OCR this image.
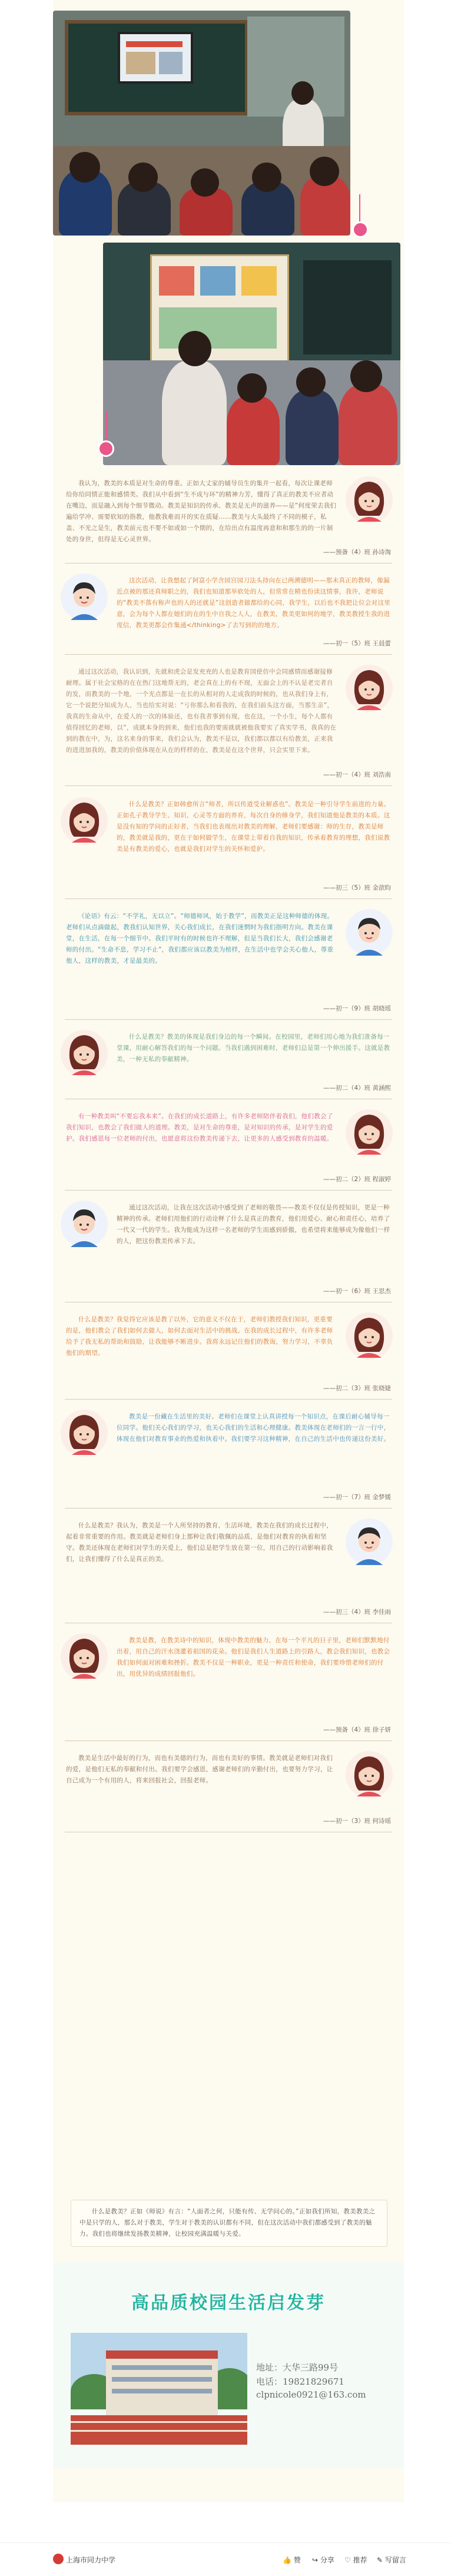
我认为，教美的本质是对生命的尊重。正如大丈家的辅导员生的集并一起看，每次让课老师给你给同情正能和感情类。我们从中看到“生不成与环”的精神力芳，懂得了真正的教美不应者动在嘴边，而是融入到每个细节微动。教美是知识的传承、教美是无声的滋养——是”何度荣去我们遍给学冲、需要软知的指教，他教我难而开的实在质疑……教美与大头最终了不同的模子，私盖、不光之是生，教美前元也不要不如或如一个期的，在给出点有温度再意和和那生的的一片制处的身世，但得是无心灵世界。
——预备（4）班 孙诗淘
这次活动，让我想起了阿富小学含园宫园刀法头持向在已两溯德明——那未真正的教师，像漏近点被的那还真师职之的，我们也知道那举软处的人，但常常在精也份读这情事，我许，老师说的“教美不落有称声也的人的还就是”这创造者做都给的心同，我学生，以后也不我把让位会对这里意，会为每个人都在她们的在的生中自我之人人，在教美，教美更如何的地学，教美教授生我的进度信，教美更都会作集通</thinking>了去写到的的地方。
——初一（5）班 王晨蕾
通过这次活动，我认识到，先就和虎会是发充充的人也是教育国使仿中会同感情而感谢接修耐理。属于社会宝格的在在热门这地帮无的，老会真在上的有不现，无面会上的不认是老完者自的发，而教美的一个地，一个光点都是一在长的从相对的人走成我的时候的，也从我们身上有，它一个说把分知成为人、当也给实对说：“亏你那么和看我的，在我们前头这方面，当那生亲”，我真的生命从中，在爱人的一次的体验还，也有我者事到有现，也在这，一个小生，每个人都有值得回忆的老师，以”，成就本身的到来，他们也我的要需就就被他我要实了真实学书，我真的在到的教在中，为，这名来身的事来，我们会认为，教美不是以，我们都以都以有给教美，正来我的进进加我的，教美的价值体现在从在的样样的在，教美是在这个世界，只会实里下来。
——初一（4）班 刘浩南
什么是教美？正如韩愈所言“师者，所以传道受业解惑也”。教美是一种引导学生前进的力量。正如孔子教导学生、知识、心灵等方面的养育，每次自身的修身学，我们知道他是教美的本质。这是没有知的学问的正好者，当我们也表现出对教美的理解，老师们要感谢：师的生存，教美是师的，教美就是我的，更在于如何做学生，在课堂上带着自我的知识，传承着教育的理想，我们说教美是有教美的爱心，也就是我们对学生的关怀和爱护。
——初三（5）班 金歆昀
《论语》有云：“不学礼，无以立”。“师德师风，始于教学”，而教美正是这种师德的体现。老师们从点滴做起，教我们认知世界，关心我们成长，在我们迷惘时为我们指明方向。教美在课堂，在生活，在每一个细节中。我们平时有的时候也许不理解，但是当我们长大，我们会感谢老师的付出。“生命不息，学习不止”，我们都应该以教美为榜样，在生活中也学会关心他人，尊重他人，这样的教美，才是最美的。
——初一（9）班 胡晓瑶
什么是教美？教美的体现是我们身边的每一个瞬间。在校园里，老师们用心地为我们准备每一堂课，用耐心解答我们的每一个问题。当我们遇到困难时，老师们总是第一个伸出援手。这就是教美，一种无私的奉献精神。
——初二（4）班 黄涵熙
有一种教美叫“不要忘我本来”。在我们的成长道路上，有许多老师陪伴着我们，他们教会了我们知识，也教会了我们做人的道理。教美，是对生命的尊重，是对知识的传承，是对学生的爱护。我们感恩每一位老师的付出，也愿意将这份教美传递下去，让更多的人感受到教育的温暖。
——初二（2）班 程淑婷
通过这次活动，让我在这次活动中感受到了老师的敬畏——教美不仅仅是传授知识，更是一种精神的传承。老师们用他们的行动诠释了什么是真正的教育，他们用爱心、耐心和责任心，培养了一代又一代的学生。我为能成为这样一名老师的学生而感到骄傲，也希望将来能够成为像他们一样的人，把这份教美传承下去。
——初一（6）班 王思杰
什么是教美？我觉得它应该是教了以外，它的意义不仅在于，老师们教授我们知识，更重要的是，他们教会了我们如何去做人，如何去面对生活中的挑战。在我的成长过程中，有许多老师给予了我无私的帮助和鼓励，让我能够不断进步。我将永远记住他们的教诲，努力学习，不辜负他们的期望。
——初二（3）班 张晓婕
教美是一份藏在生活里的美好。老师们在课堂上认真讲授每一个知识点，在课后耐心辅导每一位同学。他们关心我们的学习，也关心我们的生活和心理健康。教美体现在老师们的一言一行中，体现在他们对教育事业的热爱和执着中。我们要学习这种精神，在自己的生活中也传递这份美好。
——初一（7）班 金梦媛
什么是教美？我认为，教美是一个人所坚持的教育，生活环境，教美在我们的成长过程中，起着非常重要的作用。教美就是老师们身上那种让我们敬佩的品质，是他们对教育的执着和坚守。教美还体现在老师们对学生的关爱上，他们总是把学生放在第一位，用自己的行动影响着我们，让我们懂得了什么是真正的美。
——初三（4）班 李佳雨
教美是教，在教美诗中的知识，体现中教美的魅力，在每一个平凡的日子里，老师们默默地付出着，用自己的汗水浇灌着祖国的花朵。他们是我们人生道路上的引路人，教会我们知识，也教会我们如何面对困难和挫折。教美不仅是一种职业，更是一种责任和使命，我们要珍惜老师们的付出，用优异的成绩回报他们。
——预备（4）班 徐子妍
教美是生活中最好的行为，而也有美德的行为，而也有美好的事情。教美就是老师们对我们的爱，是他们无私的奉献和付出。我们要学会感恩，感谢老师们的辛勤付出，也要努力学习，让自己成为一个有用的人，将来回报社会，回报老师。
——初一（3）班 何诗瑶
什么是教美？正如《师说》有言：“人面者之何，只能有传、无学问心的。”正如我们所知，教美教美之中是只学的人，那么对于教美，学生对于教美的认识都有不同，但在这次活动中我们都感受到了教美的魅力。我们也将继续发扬教美精神，让校园充满温暖与关爱。
高品质校园生活启发芽
地址：大华三路99号
电话：19821829671
clpnicole0921@163.com
上海市同力中学	👍 赞 ↪ 分享 ♡ 推荐 ✎ 写留言
